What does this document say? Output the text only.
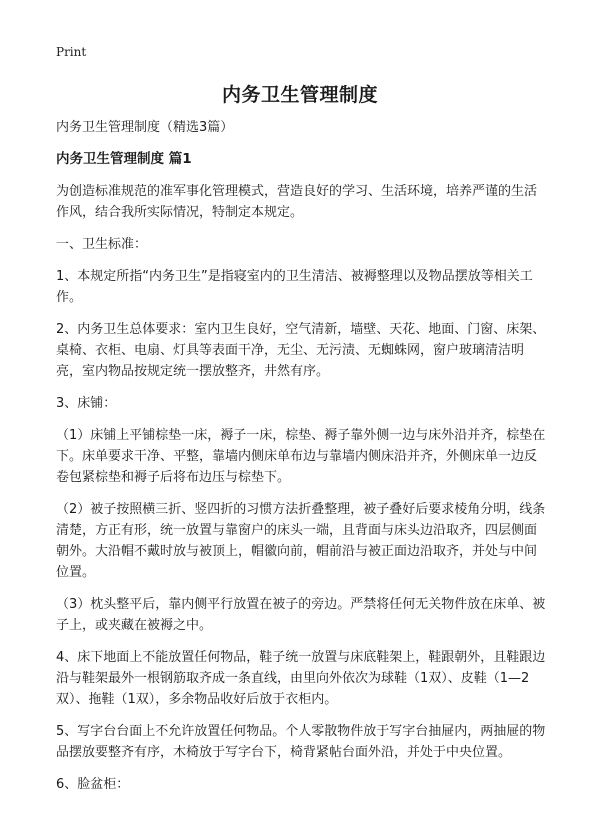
Print
内务卫生管理制度

内务卫生管理制度（精选3篇）

内务卫生管理制度 篇1

为创造标准规范的准军事化管理模式，营造良好的学习、生活环境，培养严谨的生活作风，结合我所实际情况，特制定本规定。

一、卫生标准：

1、本规定所指“内务卫生”是指寝室内的卫生清洁、被褥整理以及物品摆放等相关工作。

2、内务卫生总体要求：室内卫生良好，空气清新，墙壁、天花、地面、门窗、床架、桌椅、衣柜、电扇、灯具等表面干净，无尘、无污渍、无蜘蛛网，窗户玻璃清洁明亮，室内物品按规定统一摆放整齐，井然有序。

3、床铺：

（1）床铺上平铺棕垫一床，褥子一床，棕垫、褥子靠外侧一边与床外沿并齐，棕垫在下。床单要求干净、平整，靠墙内侧床单布边与靠墙内侧床沿并齐，外侧床单一边反卷包紧棕垫和褥子后将布边压与棕垫下。

（2）被子按照横三折、竖四折的习惯方法折叠整理，被子叠好后要求棱角分明，线条清楚，方正有形，统一放置与靠窗户的床头一端，且背面与床头边沿取齐，四层侧面朝外。大沿帽不戴时放与被顶上，帽徽向前，帽前沿与被正面边沿取齐，并处与中间位置。

（3）枕头整平后，靠内侧平行放置在被子的旁边。严禁将任何无关物件放在床单、被子上，或夹藏在被褥之中。

4、床下地面上不能放置任何物品，鞋子统一放置与床底鞋架上，鞋跟朝外，且鞋跟边沿与鞋架最外一根钢筋取齐成一条直线，由里向外依次为球鞋（1双）、皮鞋（1—2双）、拖鞋（1双），多余物品收好后放于衣柜内。

5、写字台台面上不允许放置任何物品。个人零散物件放于写字台抽屉内，两抽屉的物品摆放要整齐有序，木椅放于写字台下，椅背紧帖台面外沿，并处于中央位置。

6、脸盆柜：
